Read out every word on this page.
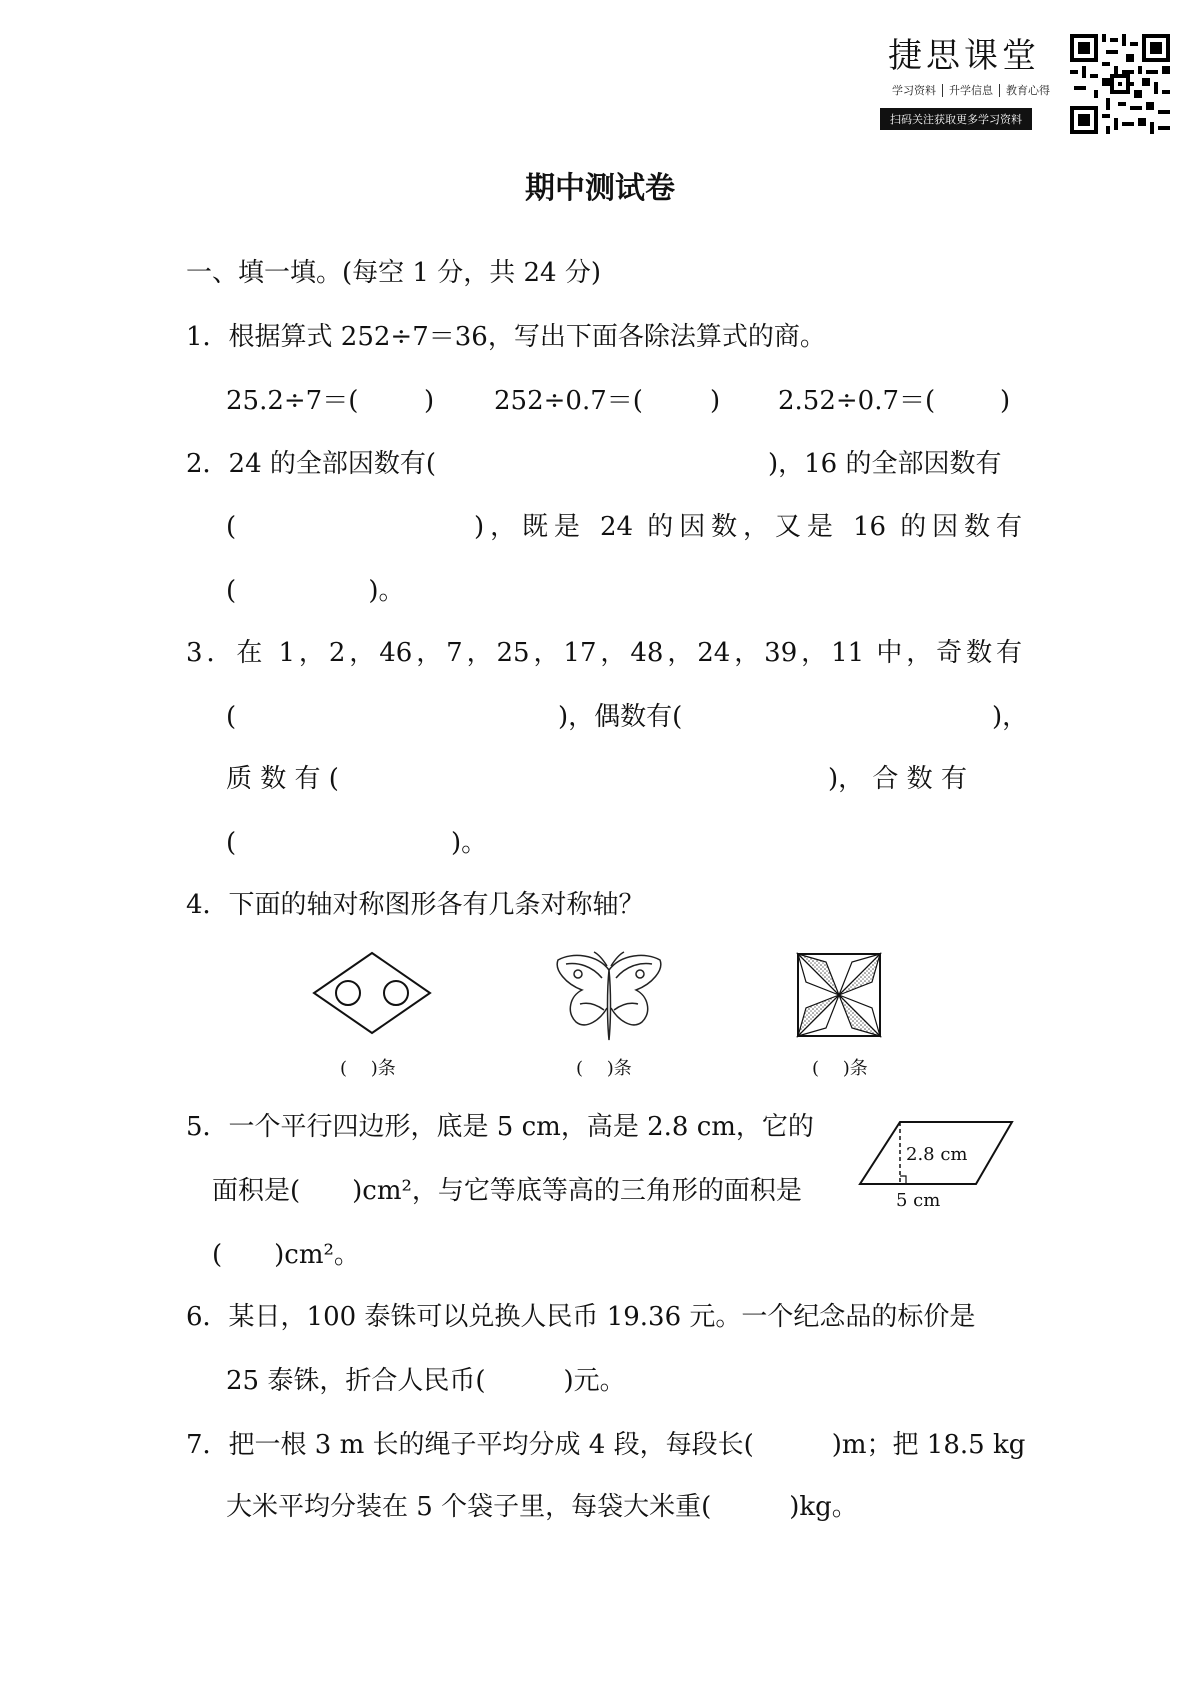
捷思课堂
学习资料 升学信息 教育心得
扫码关注获取更多学习资料
期中测试卷
一、填一填。(每空 1 分，共 24 分)
1．根据算式 252÷7＝36，写出下面各除法算式的商。
25.2÷7＝(	) 252÷0.7＝(	) 2.52÷0.7＝( )
2．24 的全部因数有(	)，16 的全部因数有
(	)，既是 24 的因数，又是 16 的因数有
(                )。
3．在 1，2，46，7，25，17，48，24，39，11 中，奇数有
(	)，偶数有(	)，
质 数 有 (	)， 合 数 有
(                          )。
4．下面的轴对称图形各有几条对称轴？
(　 )条	(　 )条	(　 )条
5．一个平行四边形，底是 5 cm，高是 2.8 cm，它的
面积是(　　)cm²，与它等底等高的三角形的面积是
(　　)cm²。
2.8 cm
5 cm
6．某日，100 泰铢可以兑换人民币 19.36 元。一个纪念品的标价是
25 泰铢，折合人民币(　　　)元。
7．把一根 3 m 长的绳子平均分成 4 段，每段长(　　　)m；把 18.5 kg
大米平均分装在 5 个袋子里，每袋大米重(　　　)kg。
